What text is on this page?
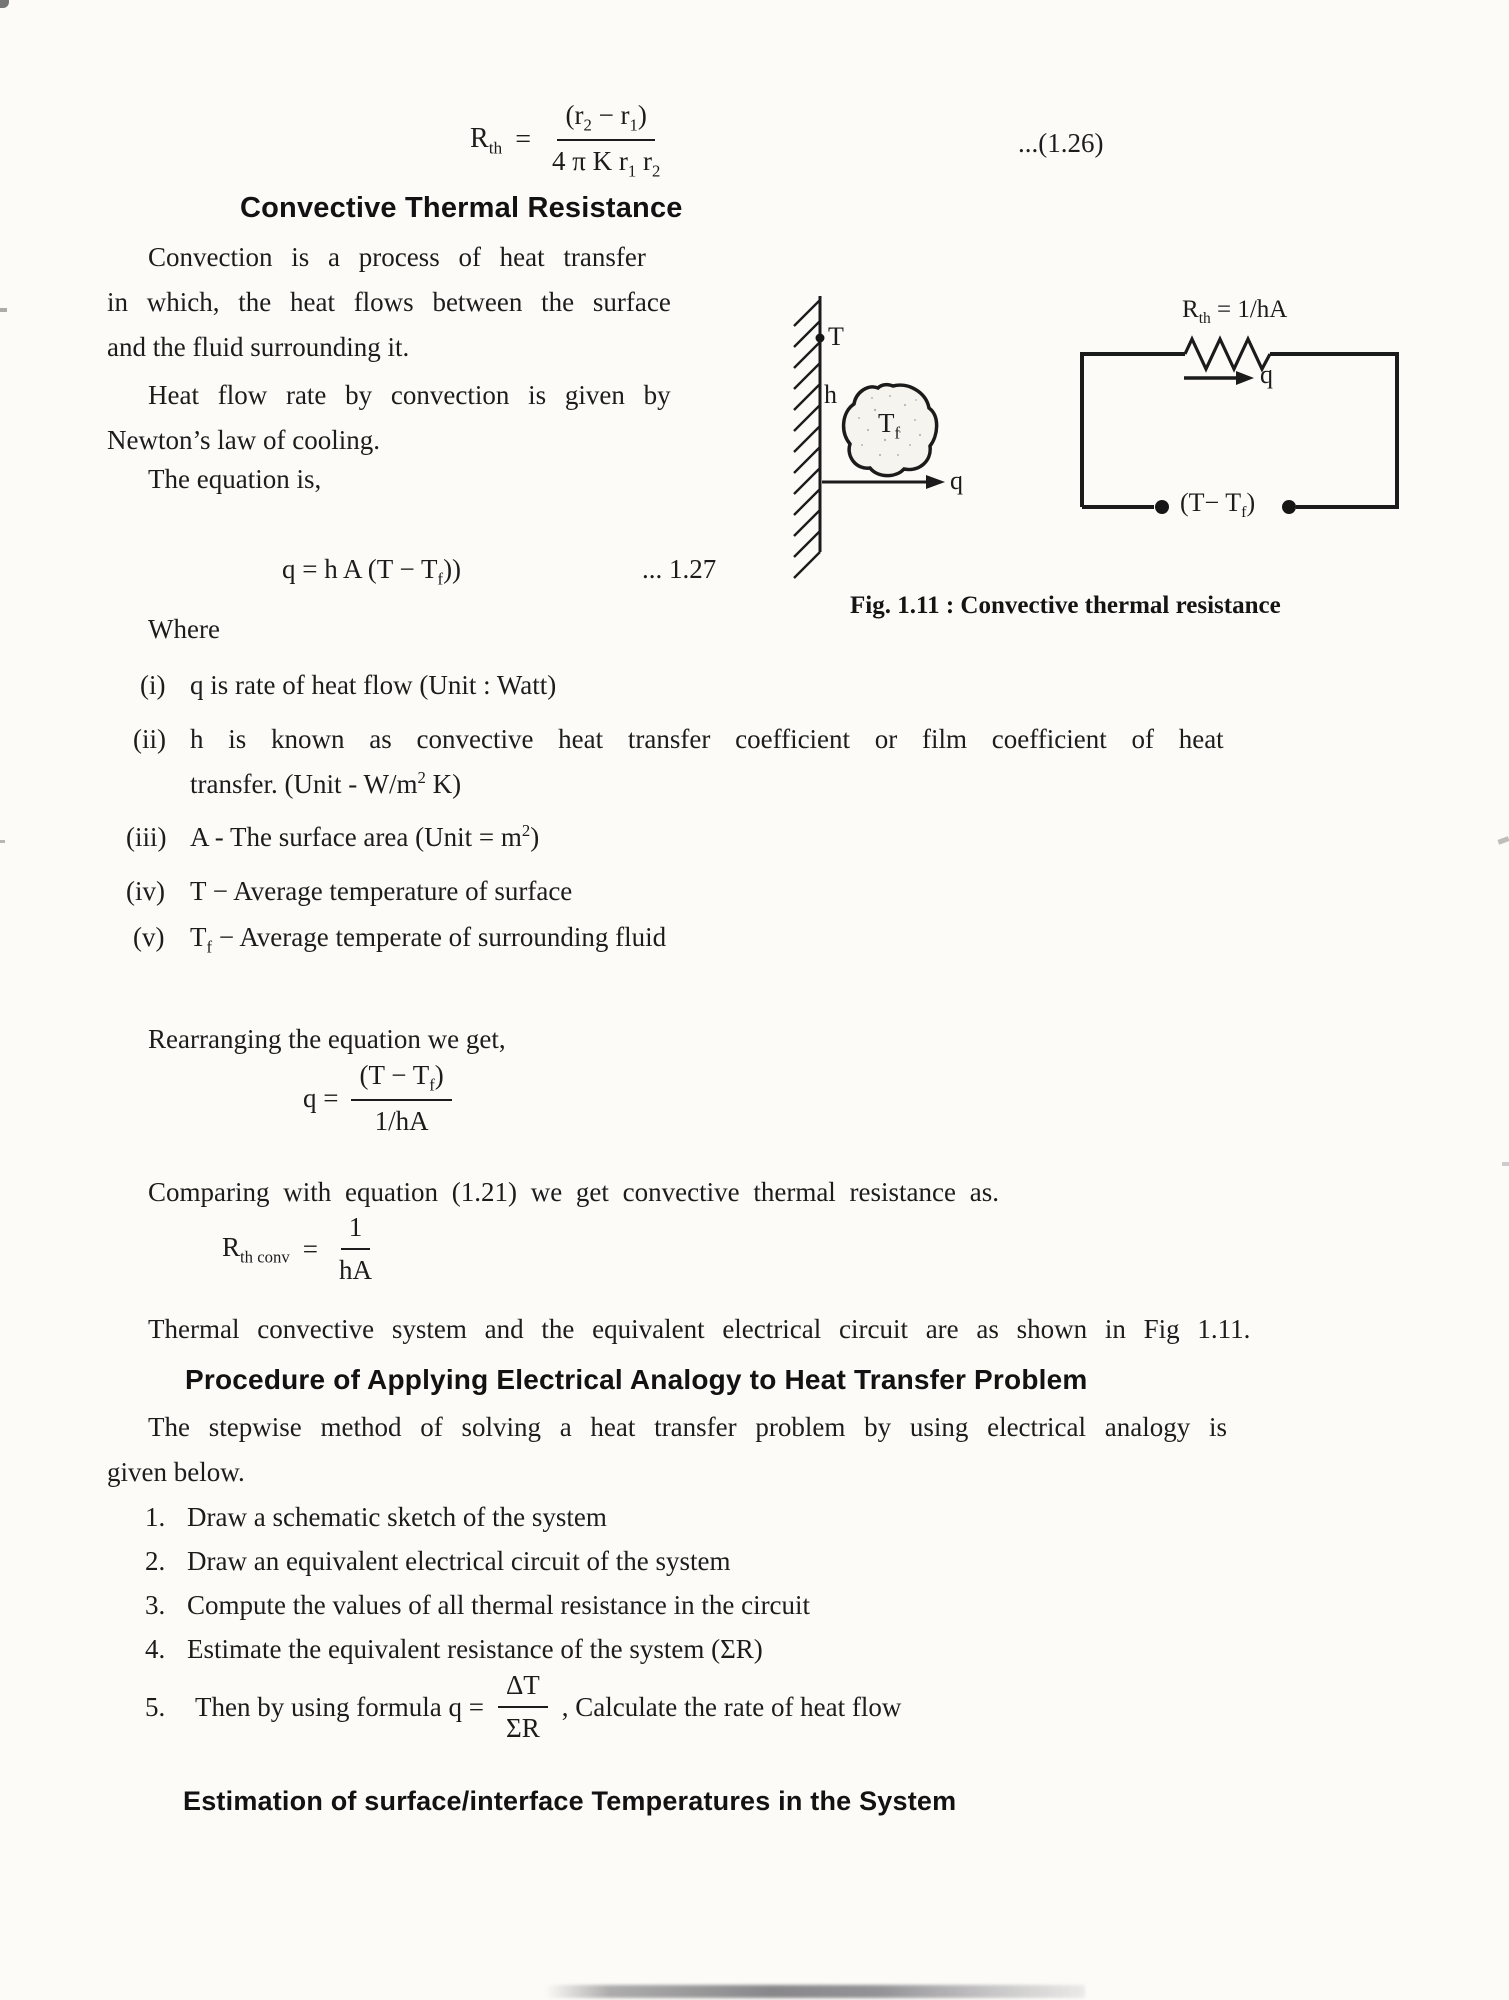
$R_{th} = \frac{(r_2 - r_1)}{4 \pi K r_1 r_2}$	...(1.26)
Convective Thermal Resistance
Convection is a process of heat transfer
in which, the heat flows between the surface
and the fluid surrounding it.
Heat flow rate by convection is given by
Newton’s law of cooling.
The equation is,
q = h A $(T - T_f)$)	... 1.27
T
h
$T_f$
q
$R_{th} = 1/hA$
q
$(T- T_f)$
Fig. 1.11 : Convective thermal resistance
Where
(i) q is rate of heat flow (Unit : Watt)
(ii) h is known as convective heat transfer coefficient or film coefficient of heat
transfer. (Unit - $W/m^2$ K)
(iii) A - The surface area (Unit = $m^2$)
(iv) T − Average temperature of surface
(v) $T_f$ − Average temperate of surrounding fluid
Rearranging the equation we get,
$q = \frac{(T - T_f)}{1/hA}$
Comparing with equation (1.21) we get convective thermal resistance as.
$R_{th conv} = \frac{1}{hA}$
Thermal convective system and the equivalent electrical circuit are as shown in Fig 1.11.
Procedure of Applying Electrical Analogy to Heat Transfer Problem
The stepwise method of solving a heat transfer problem by using electrical analogy is
given below.
1. Draw a schematic sketch of the system
2. Draw an equivalent electrical circuit of the system
3. Compute the values of all thermal resistance in the circuit
4. Estimate the equivalent resistance of the system (ΣR)
5.	Then by using formula $q = \frac{\Delta T}{\Sigma R}$ , Calculate the rate of heat flow
Estimation of surface/interface Temperatures in the System
